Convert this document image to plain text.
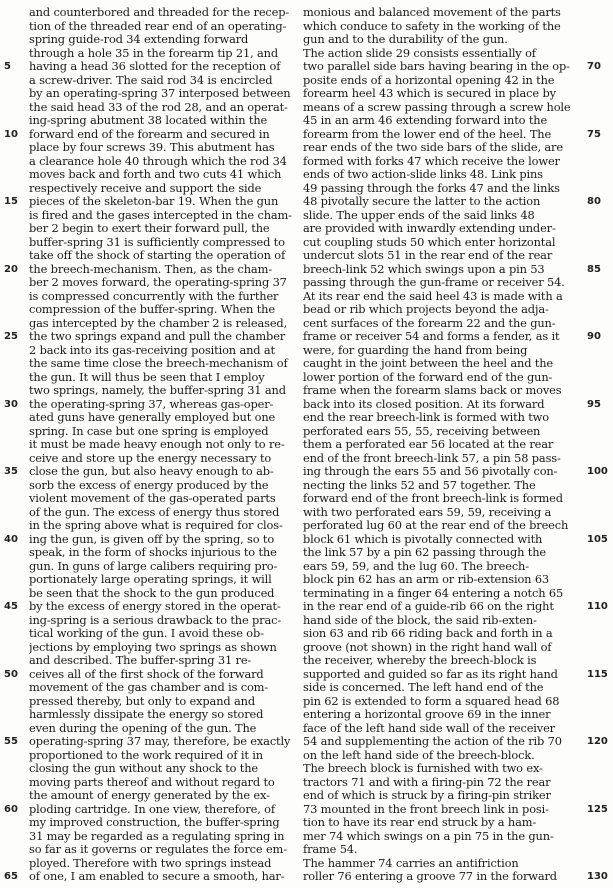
and counterbored and threaded for the recep-
tion of the threaded rear end of an operating-
spring guide-rod 34 extending forward
through a hole 35 in the forearm tip 21, and
having a head 36 slotted for the reception of
a screw-driver. The said rod 34 is encircled
by an operating-spring 37 interposed between
the said head 33 of the rod 28, and an operat-
ing-spring abutment 38 located within the
forward end of the forearm and secured in
place by four screws 39. This abutment has
a clearance hole 40 through which the rod 34
moves back and forth and two cuts 41 which
respectively receive and support the side
pieces of the skeleton-bar 19. When the gun
is fired and the gases intercepted in the cham-
ber 2 begin to exert their forward pull, the
buffer-spring 31 is sufficiently compressed to
take off the shock of starting the operation of
the breech-mechanism. Then, as the cham-
ber 2 moves forward, the operating-spring 37
is compressed concurrently with the further
compression of the buffer-spring. When the
gas intercepted by the chamber 2 is released,
the two springs expand and pull the chamber
2 back into its gas-receiving position and at
the same time close the breech-mechanism of
the gun. It will thus be seen that I employ
two springs, namely, the buffer-spring 31 and
the operating-spring 37, whereas gas-oper-
ated guns have generally employed but one
spring. In case but one spring is employed
it must be made heavy enough not only to re-
ceive and store up the energy necessary to
close the gun, but also heavy enough to ab-
sorb the excess of energy produced by the
violent movement of the gas-operated parts
of the gun. The excess of energy thus stored
in the spring above what is required for clos-
ing the gun, is given off by the spring, so to
speak, in the form of shocks injurious to the
gun. In guns of large calibers requiring pro-
portionately large operating springs, it will
be seen that the shock to the gun produced
by the excess of energy stored in the operat-
ing-spring is a serious drawback to the prac-
tical working of the gun. I avoid these ob-
jections by employing two springs as shown
and described. The buffer-spring 31 re-
ceives all of the first shock of the forward
movement of the gas chamber and is com-
pressed thereby, but only to expand and
harmlessly dissipate the energy so stored
even during the opening of the gun. The
operating-spring 37 may, therefore, be exactly
proportioned to the work required of it in
closing the gun without any shock to the
moving parts thereof and without regard to
the amount of energy generated by the ex-
ploding cartridge. In one view, therefore, of
my improved construction, the buffer-spring
31 may be regarded as a regulating spring in
so far as it governs or regulates the force em-
ployed. Therefore with two springs instead
of one, I am enabled to secure a smooth, har-
monious and balanced movement of the parts
which conduce to safety in the working of the
gun and to the durability of the gun.
The action slide 29 consists essentially of
two parallel side bars having bearing in the op-
posite ends of a horizontal opening 42 in the
forearm heel 43 which is secured in place by
means of a screw passing through a screw hole
45 in an arm 46 extending forward into the
forearm from the lower end of the heel. The
rear ends of the two side bars of the slide, are
formed with forks 47 which receive the lower
ends of two action-slide links 48. Link pins
49 passing through the forks 47 and the links
48 pivotally secure the latter to the action
slide. The upper ends of the said links 48
are provided with inwardly extending under-
cut coupling studs 50 which enter horizontal
undercut slots 51 in the rear end of the rear
breech-link 52 which swings upon a pin 53
passing through the gun-frame or receiver 54.
At its rear end the said heel 43 is made with a
bead or rib which projects beyond the adja-
cent surfaces of the forearm 22 and the gun-
frame or receiver 54 and forms a fender, as it
were, for guarding the hand from being
caught in the joint between the heel and the
lower portion of the forward end of the gun-
frame when the forearm slams back or moves
back into its closed position. At its forward
end the rear breech-link is formed with two
perforated ears 55, 55, receiving between
them a perforated ear 56 located at the rear
end of the front breech-link 57, a pin 58 pass-
ing through the ears 55 and 56 pivotally con-
necting the links 52 and 57 together. The
forward end of the front breech-link is formed
with two perforated ears 59, 59, receiving a
perforated lug 60 at the rear end of the breech
block 61 which is pivotally connected with
the link 57 by a pin 62 passing through the
ears 59, 59, and the lug 60. The breech-
block pin 62 has an arm or rib-extension 63
terminating in a finger 64 entering a notch 65
in the rear end of a guide-rib 66 on the right
hand side of the block, the said rib-exten-
sion 63 and rib 66 riding back and forth in a
groove (not shown) in the right hand wall of
the receiver, whereby the breech-block is
supported and guided so far as its right hand
side is concerned. The left hand end of the
pin 62 is extended to form a squared head 68
entering a horizontal groove 69 in the inner
face of the left hand side wall of the receiver
54 and supplementing the action of the rib 70
on the left hand side of the breech-block.
The breech block is furnished with two ex-
tractors 71 and with a firing-pin 72 the rear
end of which is struck by a firing-pin striker
73 mounted in the front breech link in posi-
tion to have its rear end struck by a ham-
mer 74 which swings on a pin 75 in the gun-
frame 54.
The hammer 74 carries an antifriction
roller 76 entering a groove 77 in the forward
5
10
15
20
25
30
35
40
45
50
55
60
65
70
75
80
85
90
95
100
105
110
115
120
125
130
